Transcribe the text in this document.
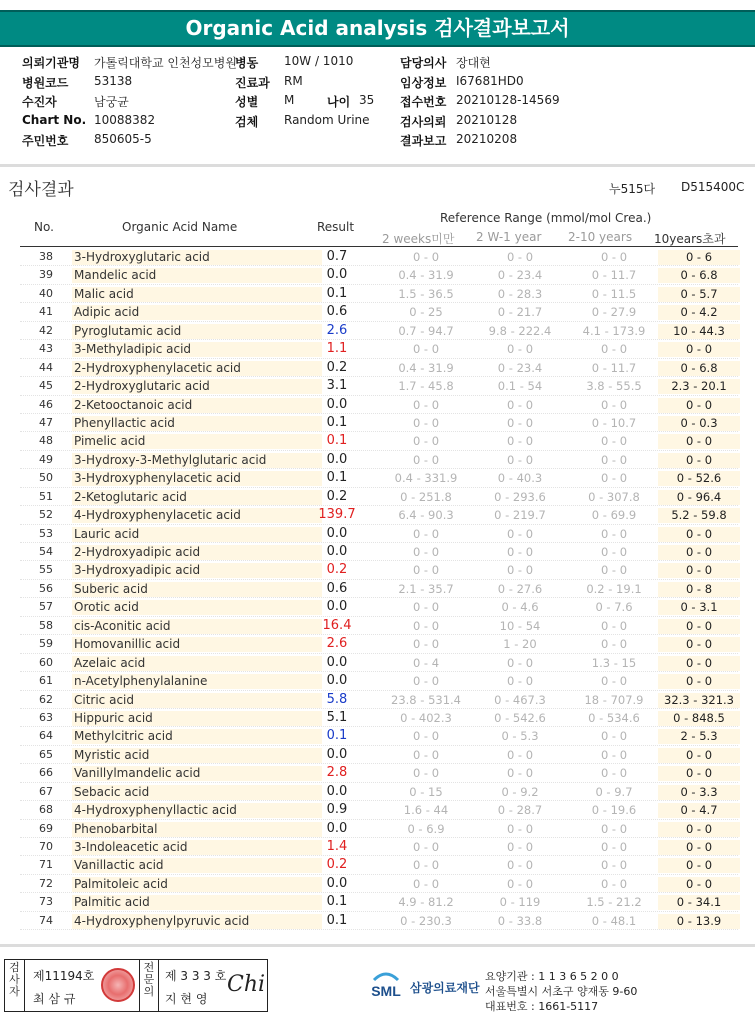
Organic Acid analysis 검사결과보고서
의뢰기관명 가톨릭대학교 인천성모병원
병동 10W / 1010	담당의사 장대현
병원코드 53138	진료과 RM	임상정보 I67681HD0
수진자	남궁균	성별 M	나이 35 접수번호 20210128-14569
Chart No. 10088382	검체 Random Urine	검사의뢰 20210128
주민번호 850605-5	결과보고 20210208
검사결과	누515다 D515400C
No.	Organic Acid Name	Result
Reference Range (mmol/mol Crea.)
2 weeks미만 2 W-1 year 2-10 years 10years초과
38	3-Hydroxyglutaric acid	0.7	0 - 0	0 - 0	0 - 0	0 - 6
39	Mandelic acid	0.0	0.4 - 31.9	0 - 23.4	0 - 11.7	0 - 6.8
40	Malic acid	0.1	1.5 - 36.5	0 - 28.3	0 - 11.5	0 - 5.7
41	Adipic acid	0.6	0 - 25	0 - 21.7	0 - 27.9	0 - 4.2
42	Pyroglutamic acid	2.6	0.7 - 94.7	9.8 - 222.4	4.1 - 173.9	10 - 44.3
43	3-Methyladipic acid	1.1	0 - 0	0 - 0	0 - 0	0 - 0
44	2-Hydroxyphenylacetic acid	0.2	0.4 - 31.9	0 - 23.4	0 - 11.7	0 - 6.8
45	2-Hydroxyglutaric acid	3.1	1.7 - 45.8	0.1 - 54	3.8 - 55.5	2.3 - 20.1
46	2-Ketooctanoic acid	0.0	0 - 0	0 - 0	0 - 0	0 - 0
47	Phenyllactic acid	0.1	0 - 0	0 - 0	0 - 10.7	0 - 0.3
48	Pimelic acid	0.1	0 - 0	0 - 0	0 - 0	0 - 0
49	3-Hydroxy-3-Methylglutaric acid	0.0	0 - 0	0 - 0	0 - 0	0 - 0
50	3-Hydroxyphenylacetic acid	0.1	0.4 - 331.9	0 - 40.3	0 - 0	0 - 52.6
51	2-Ketoglutaric acid	0.2	0 - 251.8	0 - 293.6	0 - 307.8	0 - 96.4
52	4-Hydroxyphenylacetic acid	139.7	6.4 - 90.3	0 - 219.7	0 - 69.9	5.2 - 59.8
53	Lauric acid	0.0	0 - 0	0 - 0	0 - 0	0 - 0
54	2-Hydroxyadipic acid	0.0	0 - 0	0 - 0	0 - 0	0 - 0
55	3-Hydroxyadipic acid	0.2	0 - 0	0 - 0	0 - 0	0 - 0
56	Suberic acid	0.6	2.1 - 35.7	0 - 27.6	0.2 - 19.1	0 - 8
57	Orotic acid	0.0	0 - 0	0 - 4.6	0 - 7.6	0 - 3.1
58	cis-Aconitic acid	16.4	0 - 0	10 - 54	0 - 0	0 - 0
59	Homovanillic acid	2.6	0 - 0	1 - 20	0 - 0	0 - 0
60	Azelaic acid	0.0	0 - 4	0 - 0	1.3 - 15	0 - 0
61	n-Acetylphenylalanine	0.0	0 - 0	0 - 0	0 - 0	0 - 0
62	Citric acid	5.8	23.8 - 531.4	0 - 467.3	18 - 707.9	32.3 - 321.3
63	Hippuric acid	5.1	0 - 402.3	0 - 542.6	0 - 534.6	0 - 848.5
64	Methylcitric acid	0.1	0 - 0	0 - 5.3	0 - 0	2 - 5.3
65	Myristic acid	0.0	0 - 0	0 - 0	0 - 0	0 - 0
66	Vanillylmandelic acid	2.8	0 - 0	0 - 0	0 - 0	0 - 0
67	Sebacic acid	0.0	0 - 15	0 - 9.2	0 - 9.7	0 - 3.3
68	4-Hydroxyphenyllactic acid	0.9	1.6 - 44	0 - 28.7	0 - 19.6	0 - 4.7
69	Phenobarbital	0.0	0 - 6.9	0 - 0	0 - 0	0 - 0
70	3-Indoleacetic acid	1.4	0 - 0	0 - 0	0 - 0	0 - 0
71	Vanillactic acid	0.2	0 - 0	0 - 0	0 - 0	0 - 0
72	Palmitoleic acid	0.0	0 - 0	0 - 0	0 - 0	0 - 0
73	Palmitic acid	0.1	4.9 - 81.2	0 - 119	1.5 - 21.2	0 - 34.1
74	4-Hydroxyphenylpyruvic acid	0.1	0 - 230.3	0 - 33.8	0 - 48.1	0 - 13.9
검사자
제11194호
최 삼 규
전문의
제 3 3 3 호
지 현 영
Chi	SML 삼광의료재단
요양기관 : 1 1 3 6 5 2 0 0
서울특별시 서초구 양재동 9-60
대표번호 : 1661-5117
